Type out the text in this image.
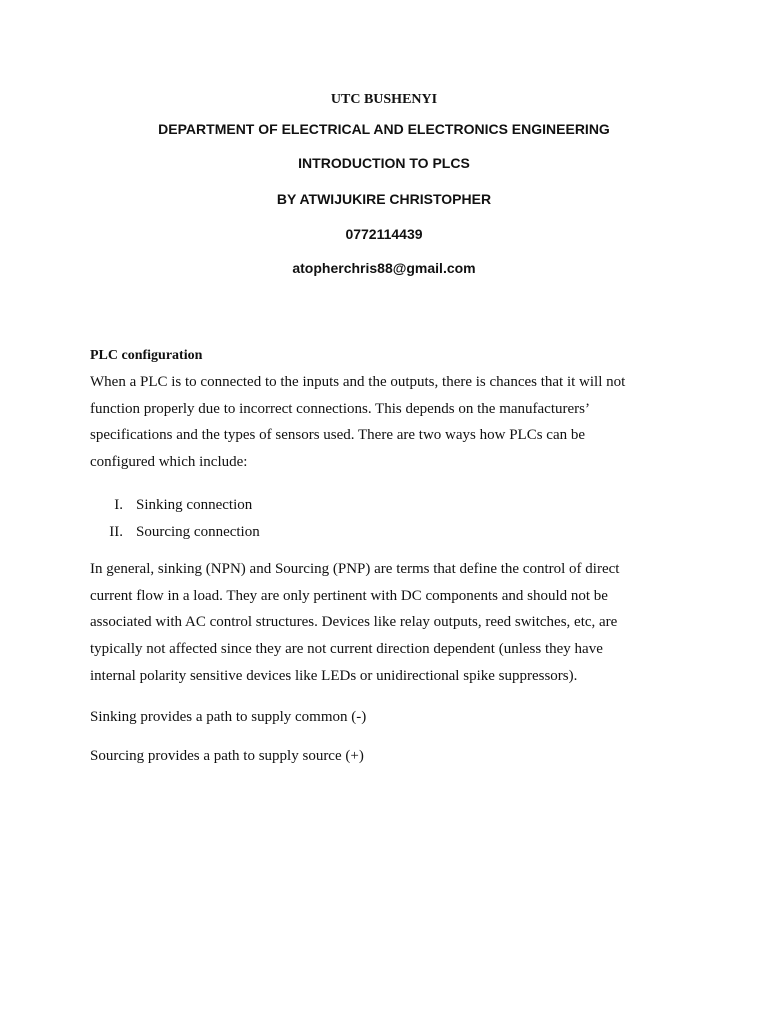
UTC BUSHENYI
DEPARTMENT OF ELECTRICAL AND ELECTRONICS ENGINEERING
INTRODUCTION TO PLCS
BY ATWIJUKIRE CHRISTOPHER
0772114439
atopherchris88@gmail.com
PLC configuration
When a PLC is to connected to the inputs and the outputs, there is chances that it will not
function properly due to incorrect connections. This depends on the manufacturers’
specifications and the types of sensors used. There are two ways how PLCs can be
configured which include:
I. Sinking connection
II. Sourcing connection
In general, sinking (NPN) and Sourcing (PNP) are terms that define the control of direct
current flow in a load. They are only pertinent with DC components and should not be
associated with AC control structures. Devices like relay outputs, reed switches, etc, are
typically not affected since they are not current direction dependent (unless they have
internal polarity sensitive devices like LEDs or unidirectional spike suppressors).
Sinking provides a path to supply common (-)
Sourcing provides a path to supply source (+)
